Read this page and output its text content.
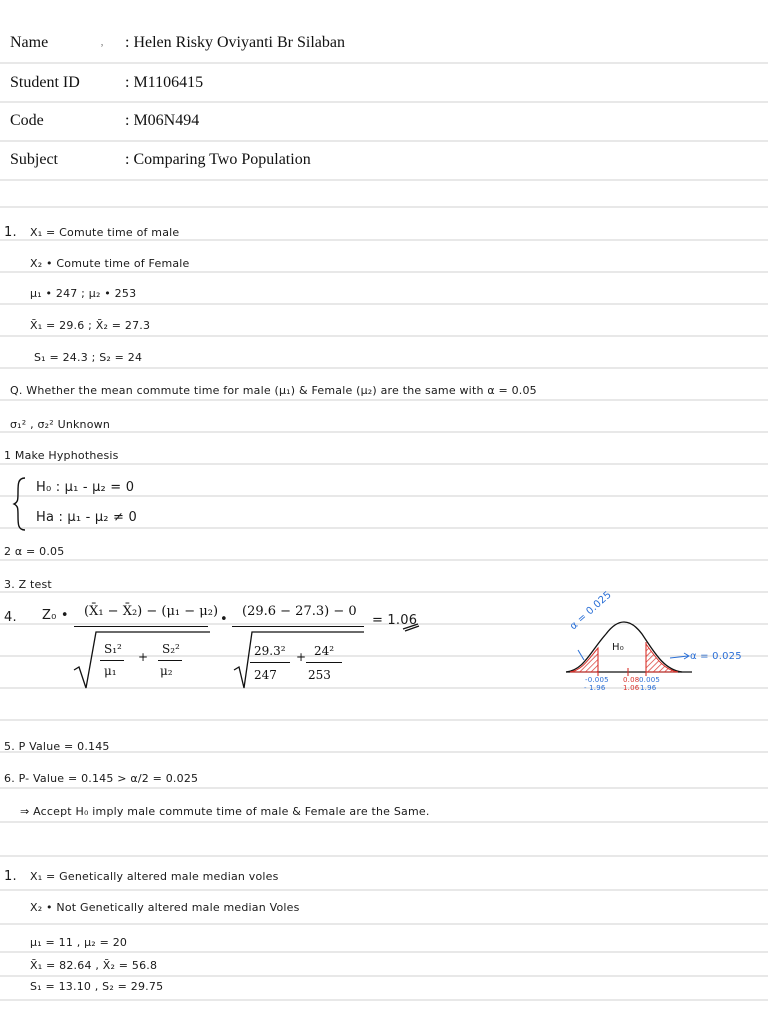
Name	‚ : Helen Risky Oviyanti Br Silaban
Student ID	: M1106415
Code	: M06N494
Subject	: Comparing Two Population
1. X₁ = Comute time of male
X₂ • Comute time of Female
μ₁ • 247 ; μ₂ • 253
X̄₁ = 29.6 ; X̄₂ = 27.3
S₁ = 24.3 ; S₂ = 24
Q. Whether the mean commute time for male (μ₁) & Female (μ₂) are the same with α = 0.05
σ₁² , σ₂² Unknown
1 Make Hyphothesis
H₀ : μ₁ - μ₂ = 0
Ha : μ₁ - μ₂ ≠ 0
2 α = 0.05
3. Z test
4. Z₀ • (X̄₁ − X̄₂) − (μ₁ − μ₂)
S₁²
μ₁
+
S₂²
μ₂
•
(29.6 − 27.3) − 0
29.3²
247
+ 24²
253
= 1.06	α = 0.025
H₀
α = 0.025
-0.005
- 1.96
0.08
1.06
0.005
1.96
5. P Value = 0.145
6. P- Value = 0.145 > α/2 = 0.025
⇒ Accept H₀ imply male commute time of male & Female are the Same.
1. X₁ = Genetically altered male median voles
X₂ • Not Genetically altered male median Voles
μ₁ = 11 , μ₂ = 20
X̄₁ = 82.64 , X̄₂ = 56.8
S₁ = 13.10 , S₂ = 29.75
